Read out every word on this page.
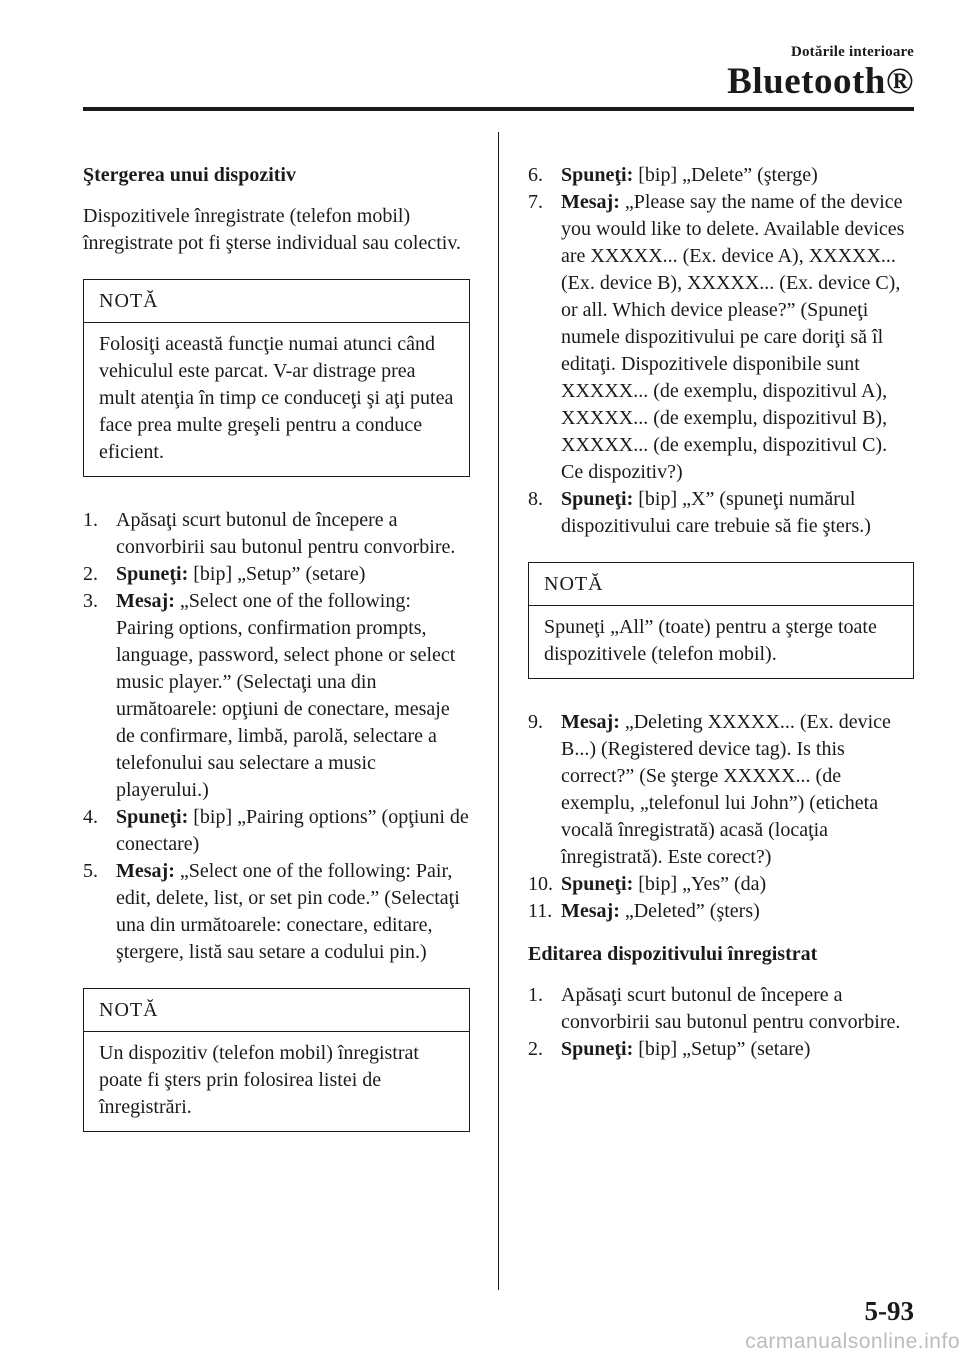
Dotările interioare
Bluetooth®
Ştergerea unui dispozitiv
Dispozitivele înregistrate (telefon mobil) înregistrate pot fi şterse individual sau colectiv.
NOTĂ
Folosiţi această funcţie numai atunci când vehiculul este parcat. V-ar distrage prea mult atenţia în timp ce conduceţi şi aţi putea face prea multe greşeli pentru a conduce eficient.
1. Apăsaţi scurt butonul de începere a convorbirii sau butonul pentru convorbire.
2. Spuneţi: [bip] „Setup” (setare)
3. Mesaj: „Select one of the following: Pairing options, confirmation prompts, language, password, select phone or select music player.” (Selectaţi una din următoarele: opţiuni de conectare, mesaje de confirmare, limbă, parolă, selectare a telefonului sau selectare a music playerului.)
4. Spuneţi: [bip] „Pairing options” (opţiuni de conectare)
5. Mesaj: „Select one of the following: Pair, edit, delete, list, or set pin code.” (Selectaţi una din următoarele: conectare, editare, ştergere, listă sau setare a codului pin.)
NOTĂ
Un dispozitiv (telefon mobil) înregistrat poate fi şters prin folosirea listei de înregistrări.
6. Spuneţi: [bip] „Delete” (şterge)
7. Mesaj: „Please say the name of the device you would like to delete. Available devices are XXXXX... (Ex. device A), XXXXX... (Ex. device B), XXXXX... (Ex. device C), or all. Which device please?” (Spuneţi numele dispozitivului pe care doriţi să îl editaţi. Dispozitivele disponibile sunt XXXXX... (de exemplu, dispozitivul A), XXXXX... (de exemplu, dispozitivul B), XXXXX... (de exemplu, dispozitivul C). Ce dispozitiv?)
8. Spuneţi: [bip] „X” (spuneţi numărul dispozitivului care trebuie să fie şters.)
NOTĂ
Spuneţi „All” (toate) pentru a şterge toate dispozitivele (telefon mobil).
9. Mesaj: „Deleting XXXXX... (Ex. device B...) (Registered device tag). Is this correct?” (Se şterge XXXXX... (de exemplu, „telefonul lui John”) (eticheta vocală înregistrată) acasă (locaţia înregistrată). Este corect?)
10. Spuneţi: [bip] „Yes” (da)
11. Mesaj: „Deleted” (şters)
Editarea dispozitivului înregistrat
1. Apăsaţi scurt butonul de începere a convorbirii sau butonul pentru convorbire.
2. Spuneţi: [bip] „Setup” (setare)
5-93
carmanualsonline.info
